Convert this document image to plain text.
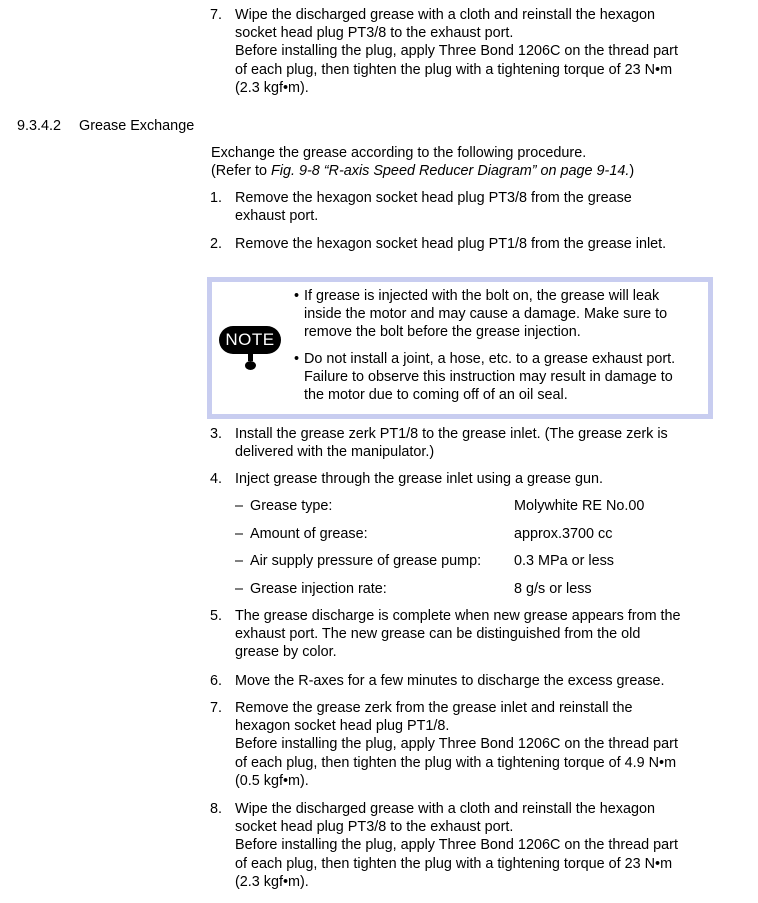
7. Wipe the discharged grease with a cloth and reinstall the hexagon
socket head plug PT3/8 to the exhaust port.
Before installing the plug, apply Three Bond 1206C on the thread part
of each plug, then tighten the plug with a tightening torque of 23 N•m
(2.3 kgf•m).
9.3.4.2 Grease Exchange
Exchange the grease according to the following procedure.
(Refer to Fig. 9-8 “R-axis Speed Reducer Diagram” on page 9-14.)
1. Remove the hexagon socket head plug PT3/8 from the grease
exhaust port.
2. Remove the hexagon socket head plug PT1/8 from the grease inlet.
NOTE
• If grease is injected with the bolt on, the grease will leak
inside the motor and may cause a damage. Make sure to
remove the bolt before the grease injection.
• Do not install a joint, a hose, etc. to a grease exhaust port.
Failure to observe this instruction may result in damage to
the motor due to coming off of an oil seal.
3. Install the grease zerk PT1/8 to the grease inlet. (The grease zerk is
delivered with the manipulator.)
4. Inject grease through the grease inlet using a grease gun.
– Grease type:	Molywhite RE No.00
– Amount of grease:	approx.3700 cc
– Air supply pressure of grease pump: 0.3 MPa or less
– Grease injection rate:	8 g/s or less
5. The grease discharge is complete when new grease appears from the
exhaust port. The new grease can be distinguished from the old
grease by color.
6. Move the R-axes for a few minutes to discharge the excess grease.
7. Remove the grease zerk from the grease inlet and reinstall the
hexagon socket head plug PT1/8.
Before installing the plug, apply Three Bond 1206C on the thread part
of each plug, then tighten the plug with a tightening torque of 4.9 N•m
(0.5 kgf•m).
8. Wipe the discharged grease with a cloth and reinstall the hexagon
socket head plug PT3/8 to the exhaust port.
Before installing the plug, apply Three Bond 1206C on the thread part
of each plug, then tighten the plug with a tightening torque of 23 N•m
(2.3 kgf•m).
